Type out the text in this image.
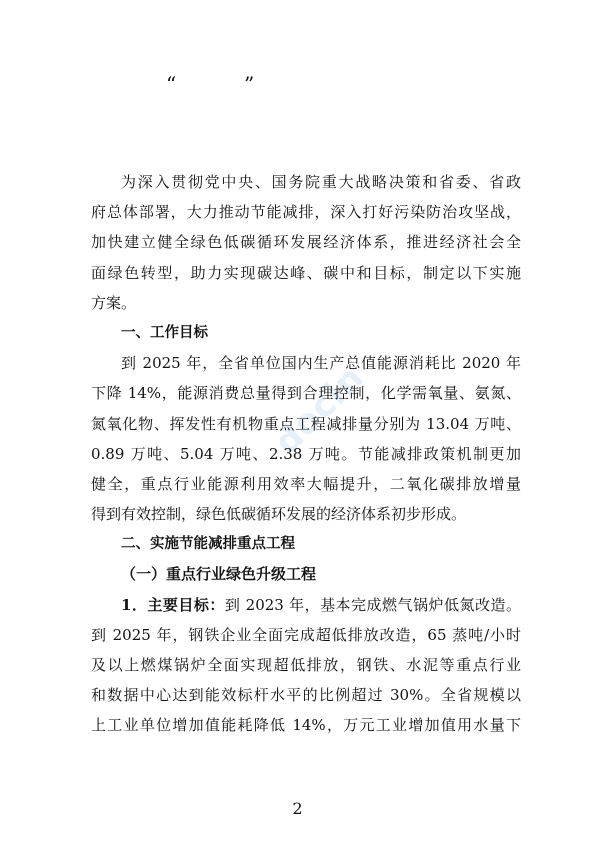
“	”
docin
为深入贯彻党中央、国务院重大战略决策和省委、省政
府总体部署，大力推动节能减排，深入打好污染防治攻坚战，
加快建立健全绿色低碳循环发展经济体系，推进经济社会全
面绿色转型，助力实现碳达峰、碳中和目标，制定以下实施
方案。
一、工作目标
到 2025 年，全省单位国内生产总值能源消耗比 2020 年
下降 14%，能源消费总量得到合理控制，化学需氧量、氨氮、
氮氧化物、挥发性有机物重点工程减排量分别为 13.04 万吨、
0.89 万吨、5.04 万吨、2.38 万吨。节能减排政策机制更加
健全，重点行业能源利用效率大幅提升，二氧化碳排放增量
得到有效控制，绿色低碳循环发展的经济体系初步形成。
二、实施节能减排重点工程
（一）重点行业绿色升级工程
1．主要目标：到 2023 年，基本完成燃气锅炉低氮改造。
到 2025 年，钢铁企业全面完成超低排放改造，65 蒸吨/小时
及以上燃煤锅炉全面实现超低排放，钢铁、水泥等重点行业
和数据中心达到能效标杆水平的比例超过 30%。全省规模以
上工业单位增加值能耗降低 14%，万元工业增加值用水量下
2
